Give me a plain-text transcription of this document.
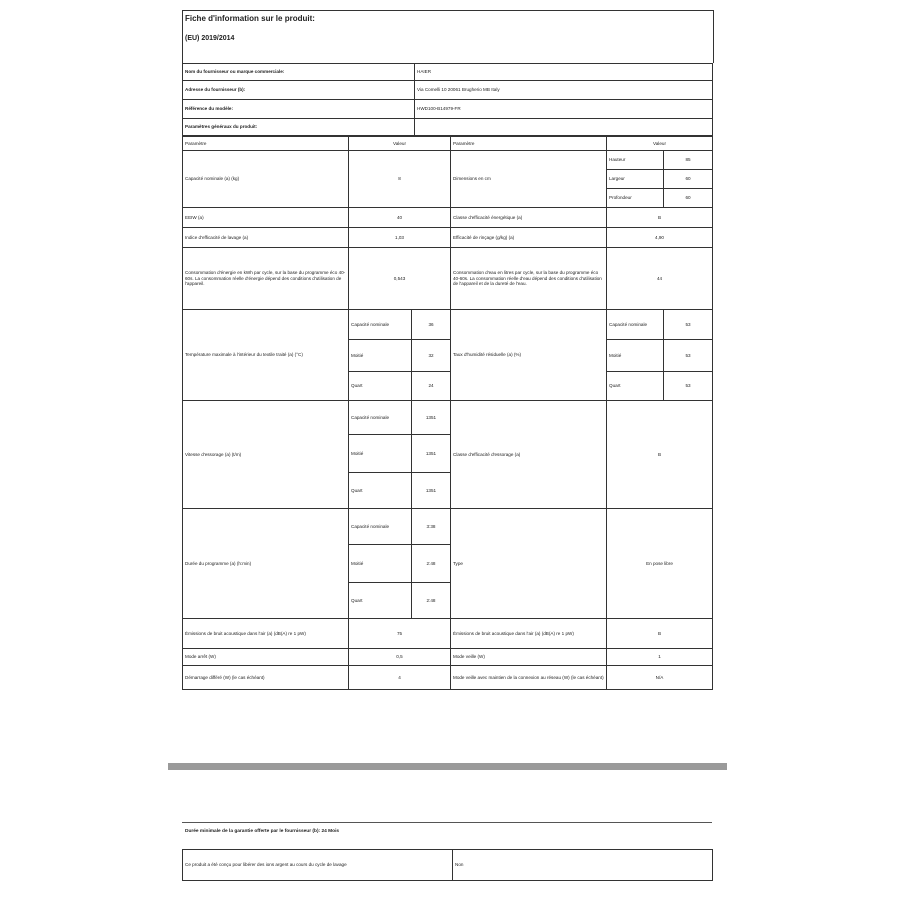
Fiche d'information sur le produit:
(EU) 2019/2014
Nom du fournisseur ou marque commerciale:	HAIER
Adresse du fournisseur (b):	Via Comelli 10 20061 Brugherio MB Italy
Référence du modèle:	HWD100-B14979-FR
Paramètres généraux du produit:	
Paramètre	Valeur		Paramètre	Valeur	
Capacité nominale (a) (kg)	8		Dimensions en cm	Hauteur	85
				Largeur	60
				Profondeur	60
EEIW (a)	40		Classe d'efficacité énergétique (a)	B	
Indice d'efficacité de lavage (a)	1,03		Efficacité de rinçage (g/kg) (a)	4,90	
Consommation d'énergie en kWh par cycle, sur la base du programme éco 40-60s. La consommation réelle d'énergie dépend des conditions d'utilisation de l'appareil.	0,543		Consommation d'eau en litres par cycle, sur la base du programme éco 40-60s. La consommation réelle d'eau dépend des conditions d'utilisation de l'appareil et de la dureté de l'eau.	44	
Température maximale à l'intérieur du textile traité (a) (°C)	Capacité nominale	36	Taux d'humidité résiduelle (a) (%)	Capacité nominale	53
	Moitié	32		Moitié	53
	Quart	24		Quart	53
Vitesse d'essorage (a) (t/m)	Capacité nominale	1351	Classe d'efficacité d'essorage (a)	B	
	Moitié	1351			
	Quart	1351			
Durée du programme (a) (h:min)	Capacité nominale	3:38	Type	En pose libre	
	Moitié	2:48			
	Quart	2:48			
Émissions de bruit acoustique dans l'air (a) (dB(A) re 1 pW)	75		Émissions de bruit acoustique dans l'air (a) (dB(A) re 1 pW)	B	
Mode arrêt (W)	0,5		Mode veille (W)	1	
Démarrage différé (W) (le cas échéant)	4		Mode veille avec maintien de la connexion au réseau (W) (le cas échéant)	N/A	
Durée minimale de la garantie offerte par le fournisseur (b): 24 Mois
Ce produit a été conçu pour libérer des ions argent au cours du cycle de lavage	Non
